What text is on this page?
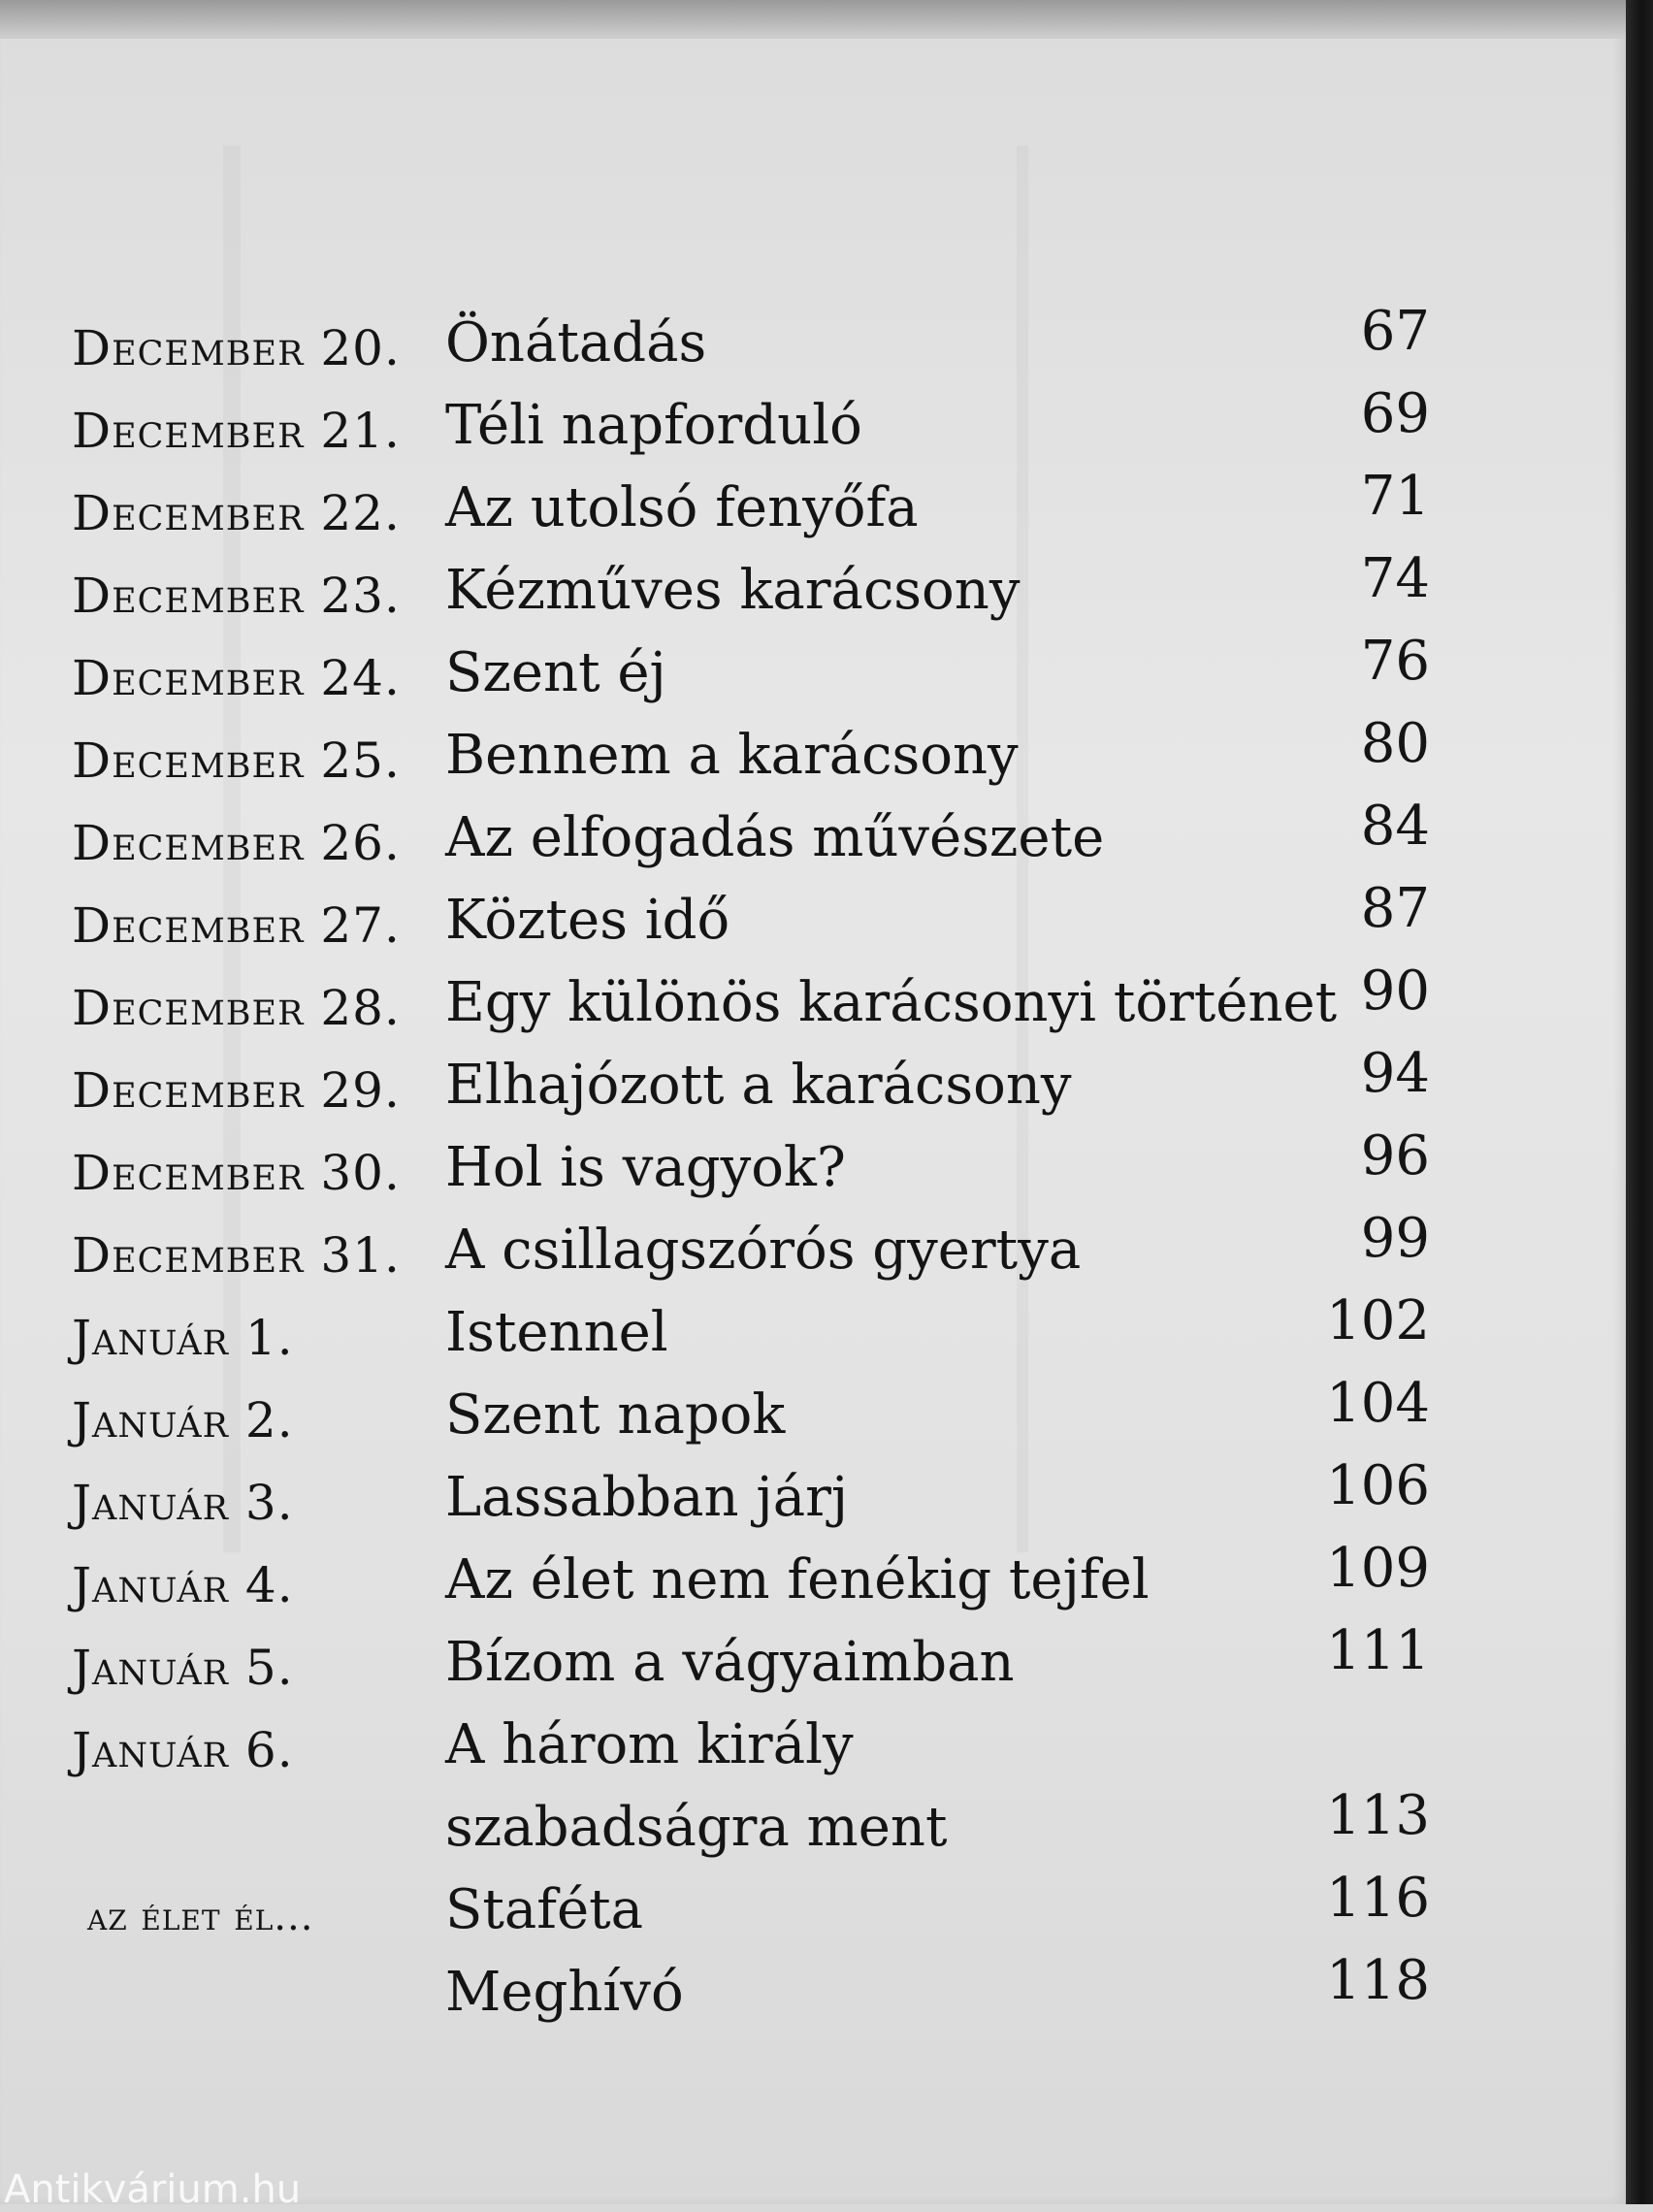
December 20. Önátadás	67
December 21. Téli napforduló	69
December 22. Az utolsó fenyőfa	71
December 23. Kézműves karácsony	74
December 24. Szent éj	76
December 25. Bennem a karácsony	80
December 26. Az elfogadás művészete	84
December 27. Köztes idő	87
December 28. Egy különös karácsonyi történet 90
December 29. Elhajózott a karácsony	94
December 30. Hol is vagyok?	96
December 31. A csillagszórós gyertya	99
Január 1.	Istennel	102
Január 2.	Szent napok	104
Január 3.	Lassabban járj	106
Január 4.	Az élet nem fenékig tejfel	109
Január 5.	Bízom a vágyaimban	111
Január 6.	A három király
szabadságra ment	113
az élet él... Staféta	116
Meghívó	118
Antikvárium.hu
